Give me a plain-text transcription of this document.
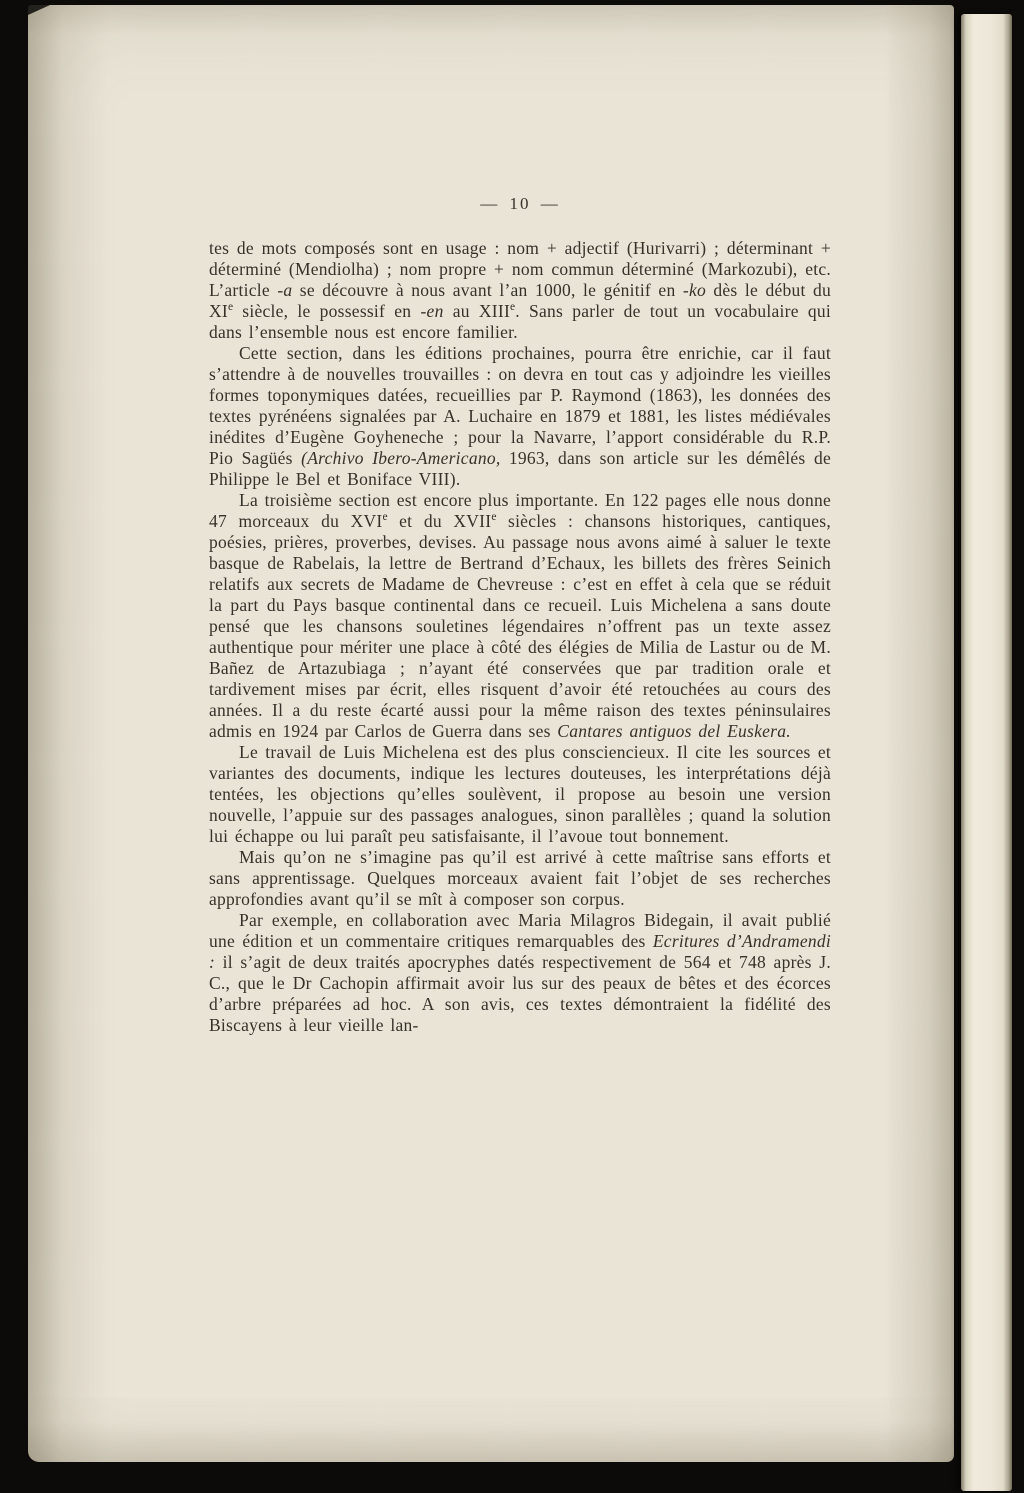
— 10 —

tes de mots composés sont en usage : nom + adjectif (Hurivarri) ; déterminant + déterminé (Mendiolha) ; nom propre + nom commun déterminé (Markozubi), etc. L’article -a se découvre à nous avant l’an 1000, le génitif en -ko dès le début du XIe siècle, le possessif en -en au XIIIe. Sans parler de tout un vocabulaire qui dans l’ensemble nous est encore familier.

Cette section, dans les éditions prochaines, pourra être enrichie, car il faut s’attendre à de nouvelles trouvailles : on devra en tout cas y adjoindre les vieilles formes toponymiques datées, recueillies par P. Raymond (1863), les données des textes pyrénéens signalées par A. Luchaire en 1879 et 1881, les listes médiévales inédites d’Eugène Goyheneche ; pour la Navarre, l’apport considérable du R.P. Pio Sagüés (Archivo Ibero-Americano, 1963, dans son article sur les démêlés de Philippe le Bel et Boniface VIII).

La troisième section est encore plus importante. En 122 pages elle nous donne 47 morceaux du XVIe et du XVIIe siècles : chansons historiques, cantiques, poésies, prières, proverbes, devises. Au passage nous avons aimé à saluer le texte basque de Rabelais, la lettre de Bertrand d’Echaux, les billets des frères Seinich relatifs aux secrets de Madame de Chevreuse : c’est en effet à cela que se réduit la part du Pays basque continental dans ce recueil. Luis Michelena a sans doute pensé que les chansons souletines légendaires n’offrent pas un texte assez authentique pour mériter une place à côté des élégies de Milia de Lastur ou de M. Bañez de Artazubiaga ; n’ayant été conservées que par tradition orale et tardivement mises par écrit, elles risquent d’avoir été retouchées au cours des années. Il a du reste écarté aussi pour la même raison des textes péninsulaires admis en 1924 par Carlos de Guerra dans ses Cantares antiguos del Euskera.

Le travail de Luis Michelena est des plus consciencieux. Il cite les sources et variantes des documents, indique les lectures douteuses, les interprétations déjà tentées, les objections qu’elles soulèvent, il propose au besoin une version nouvelle, l’appuie sur des passages analogues, sinon parallèles ; quand la solution lui échappe ou lui paraît peu satisfaisante, il l’avoue tout bonnement.

Mais qu’on ne s’imagine pas qu’il est arrivé à cette maîtrise sans efforts et sans apprentissage. Quelques morceaux avaient fait l’objet de ses recherches approfondies avant qu’il se mît à composer son corpus.

Par exemple, en collaboration avec Maria Milagros Bidegain, il avait publié une édition et un commentaire critiques remarquables des Ecritures d’Andramendi : il s’agit de deux traités apocryphes datés respectivement de 564 et 748 après J. C., que le Dr Cachopin affirmait avoir lus sur des peaux de bêtes et des écorces d’arbre préparées ad hoc. A son avis, ces textes démontraient la fidélité des Biscayens à leur vieille lan-
